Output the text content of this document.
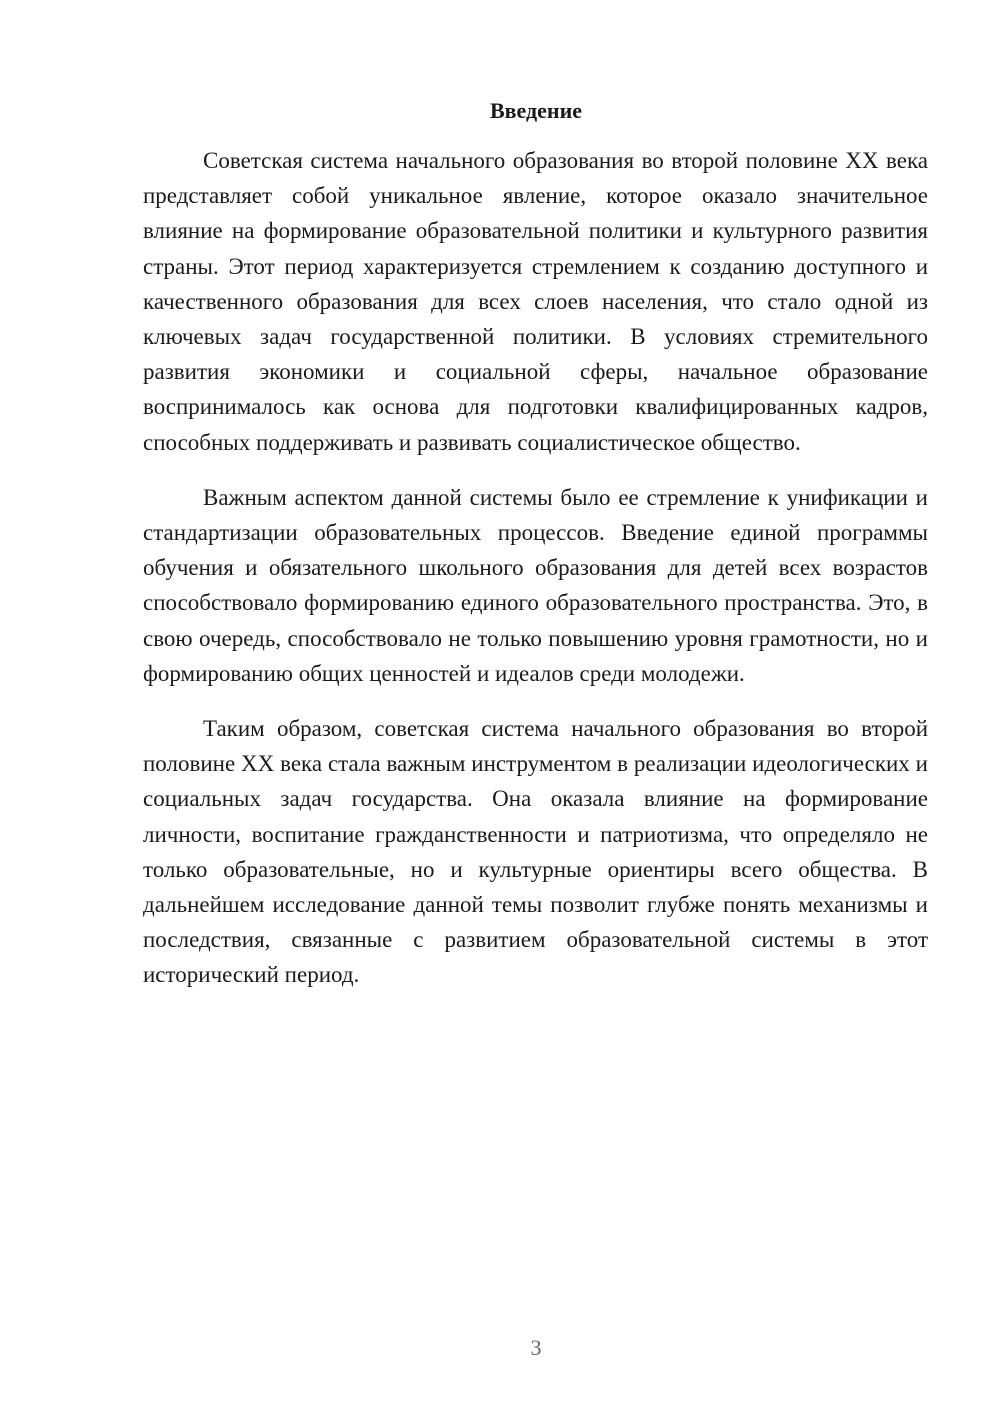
Введение

Советская система начального образования во второй половине XX века представляет собой уникальное явление, которое оказало значительное влияние на формирование образовательной политики и культурного развития страны. Этот период характеризуется стремлением к созданию доступного и качественного образования для всех слоев населения, что стало одной из ключевых задач государственной политики. В условиях стремительного развития экономики и социальной сферы, начальное образование воспринималось как основа для подготовки квалифицированных кадров, способных поддерживать и развивать социалистическое общество.

Важным аспектом данной системы было ее стремление к унификации и стандартизации образовательных процессов. Введение единой программы обучения и обязательного школьного образования для детей всех возрастов способствовало формированию единого образовательного пространства. Это, в свою очередь, способствовало не только повышению уровня грамотности, но и формированию общих ценностей и идеалов среди молодежи.

Таким образом, советская система начального образования во второй половине XX века стала важным инструментом в реализации идеологических и социальных задач государства. Она оказала влияние на формирование личности, воспитание гражданственности и патриотизма, что определяло не только образовательные, но и культурные ориентиры всего общества. В дальнейшем исследование данной темы позволит глубже понять механизмы и последствия, связанные с развитием образовательной системы в этот исторический период.

3
